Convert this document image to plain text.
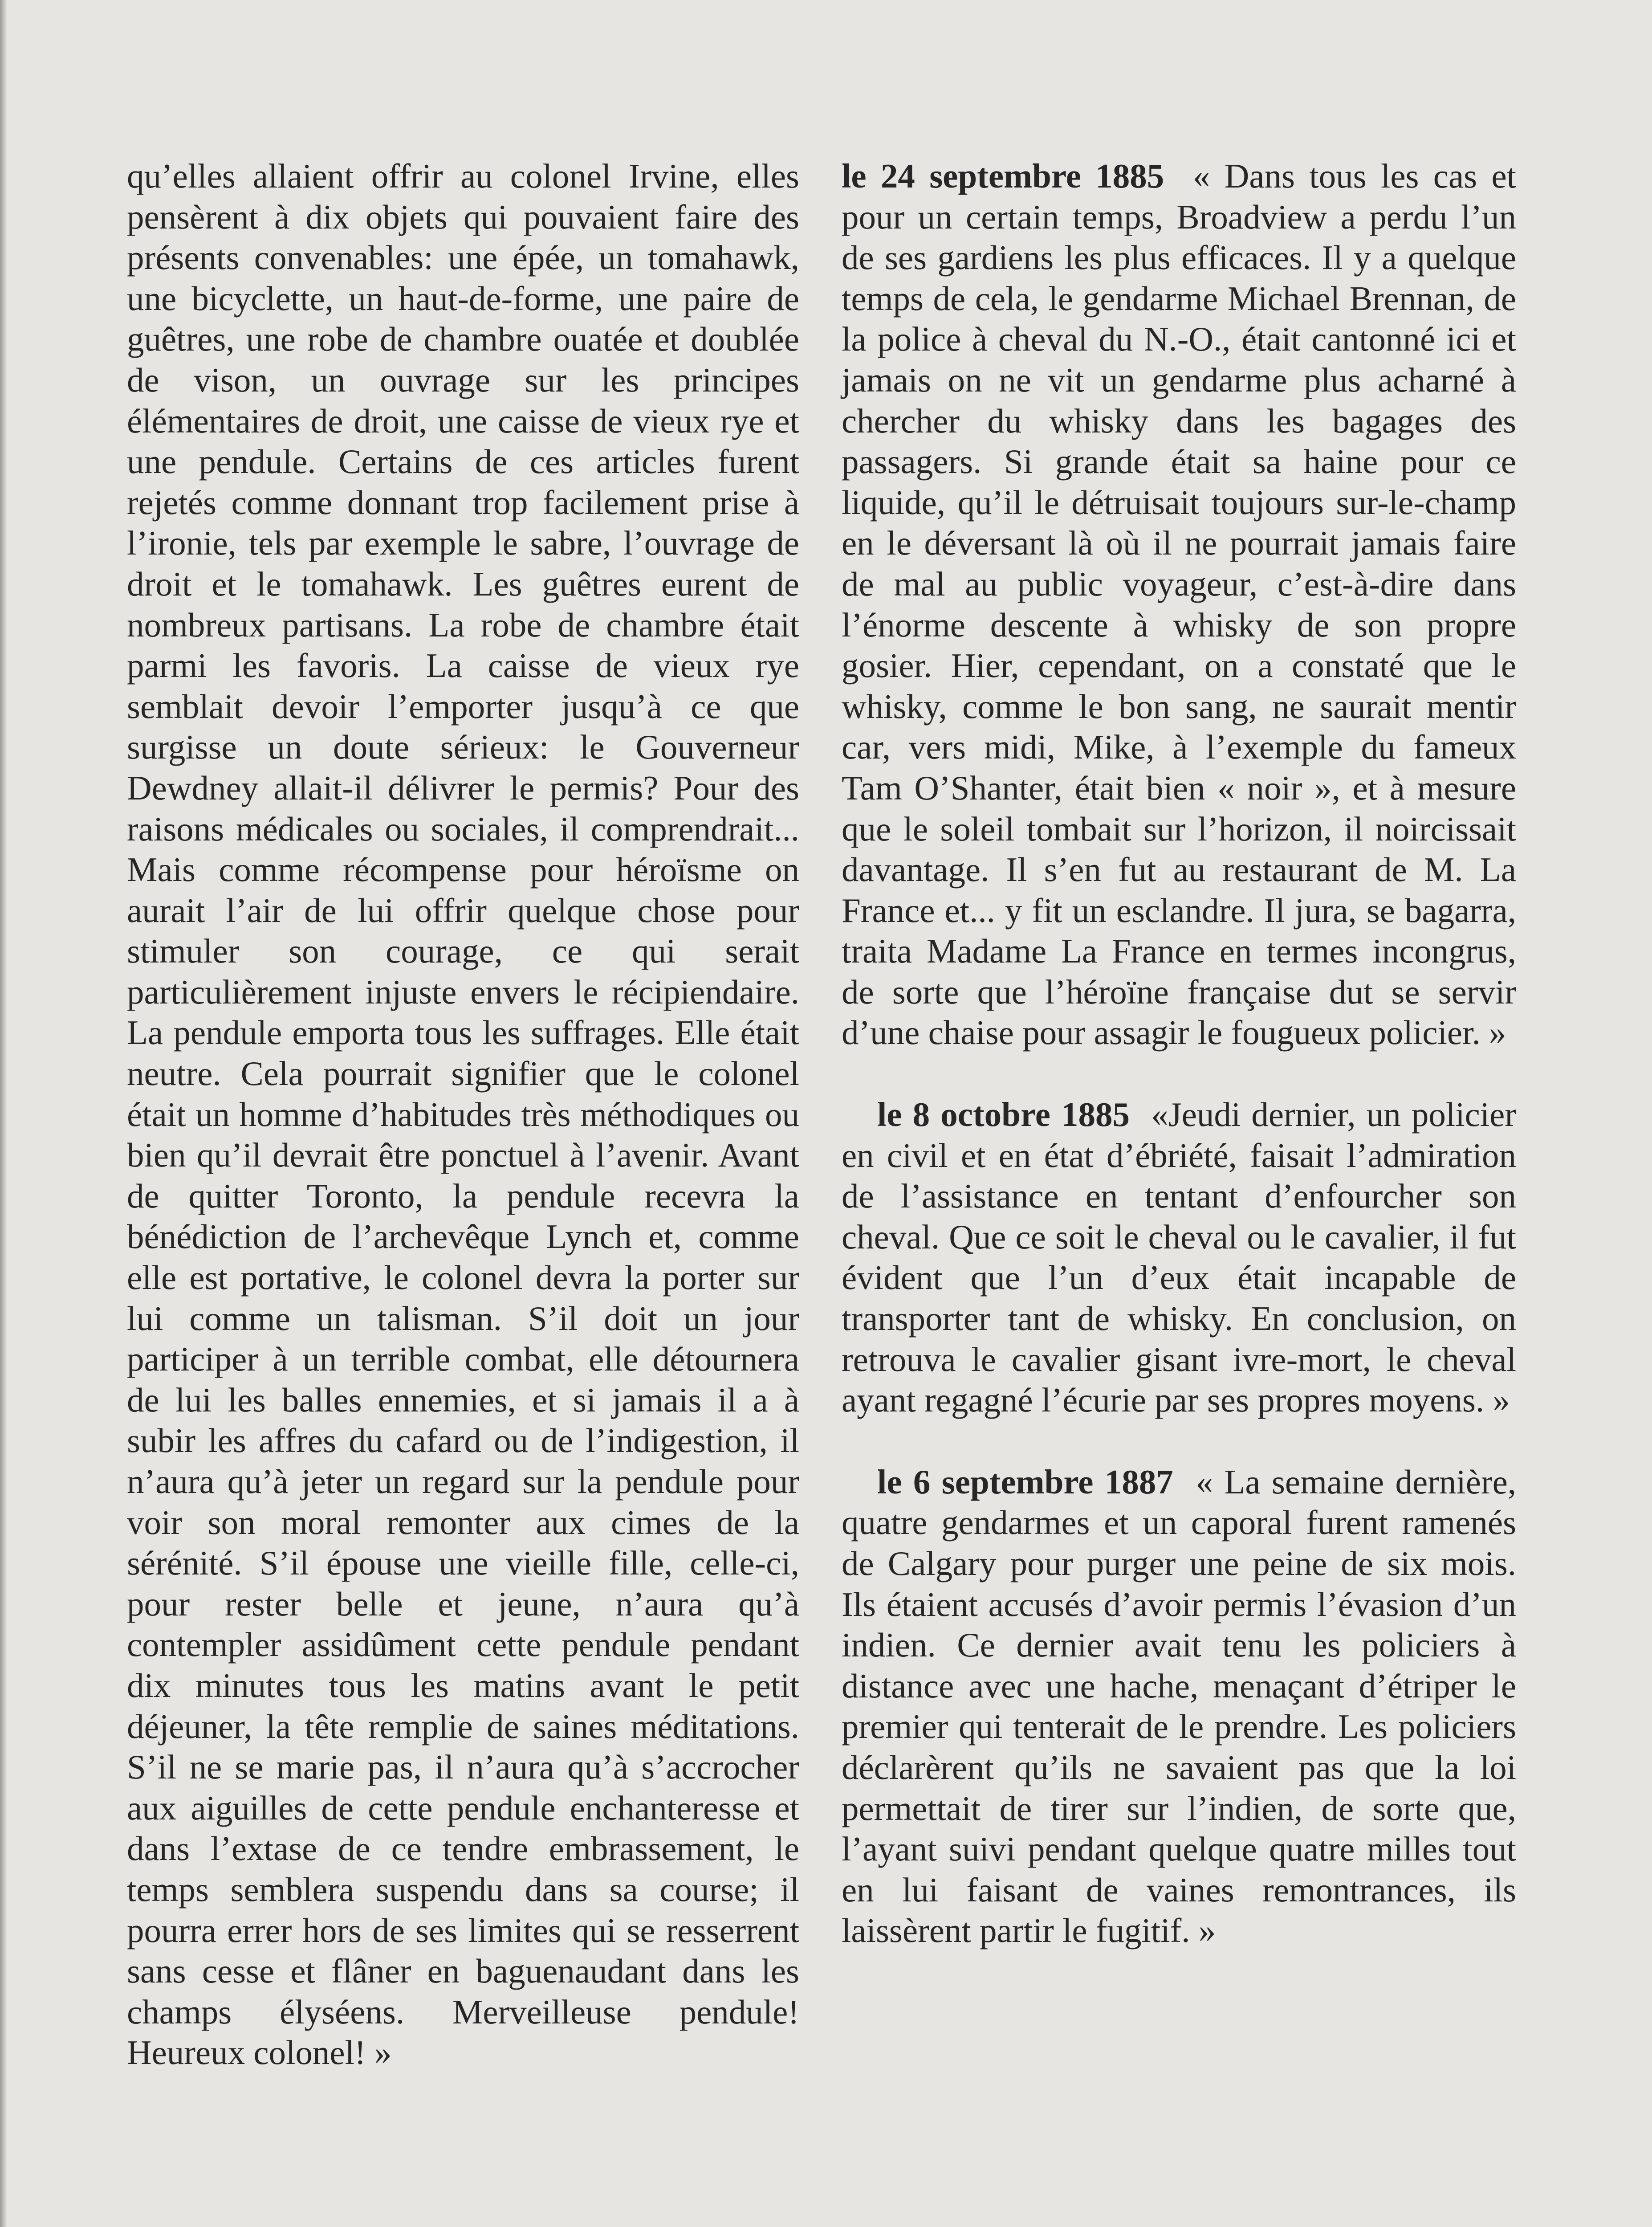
qu’elles allaient offrir au colonel Irvine, elles pensèrent à dix objets qui pouvaient faire des présents convenables: une épée, un tomahawk, une bicyclette, un haut-de-forme, une paire de guêtres, une robe de chambre ouatée et doublée de vison, un ouvrage sur les principes élémentaires de droit, une caisse de vieux rye et une pendule. Certains de ces articles furent rejetés comme donnant trop facilement prise à l’ironie, tels par exemple le sabre, l’ouvrage de droit et le tomahawk. Les guêtres eurent de nombreux partisans. La robe de chambre était parmi les favoris. La caisse de vieux rye semblait devoir l’emporter jusqu’à ce que surgisse un doute sérieux: le Gouverneur Dewdney allait-il délivrer le permis? Pour des raisons médicales ou sociales, il comprendrait... Mais comme récompense pour héroïsme on aurait l’air de lui offrir quelque chose pour stimuler son courage, ce qui serait particulièrement injuste envers le récipiendaire. La pendule emporta tous les suffrages. Elle était neutre. Cela pourrait signifier que le colonel était un homme d’habitudes très méthodiques ou bien qu’il devrait être ponctuel à l’avenir. Avant de quitter Toronto, la pendule recevra la bénédiction de l’archevêque Lynch et, comme elle est portative, le colonel devra la porter sur lui comme un talisman. S’il doit un jour participer à un terrible combat, elle détournera de lui les balles ennemies, et si jamais il a à subir les affres du cafard ou de l’indigestion, il n’aura qu’à jeter un regard sur la pendule pour voir son moral remonter aux cimes de la sérénité. S’il épouse une vieille fille, celle-ci, pour rester belle et jeune, n’aura qu’à contempler assidûment cette pendule pendant dix minutes tous les matins avant le petit déjeuner, la tête remplie de saines méditations. S’il ne se marie pas, il n’aura qu’à s’accrocher aux aiguilles de cette pendule enchanteresse et dans l’extase de ce tendre embrassement, le temps semblera suspendu dans sa course; il pourra errer hors de ses limites qui se resserrent sans cesse et flâner en baguenaudant dans les champs élyséens. Merveilleuse pendule! Heureux colonel! »

le 24 septembre 1885 « Dans tous les cas et pour un certain temps, Broadview a perdu l’un de ses gardiens les plus efficaces. Il y a quelque temps de cela, le gendarme Michael Brennan, de la police à cheval du N.-O., était cantonné ici et jamais on ne vit un gendarme plus acharné à chercher du whisky dans les bagages des passagers. Si grande était sa haine pour ce liquide, qu’il le détruisait toujours sur-le-champ en le déversant là où il ne pourrait jamais faire de mal au public voyageur, c’est-à-dire dans l’énorme descente à whisky de son propre gosier. Hier, cependant, on a constaté que le whisky, comme le bon sang, ne saurait mentir car, vers midi, Mike, à l’exemple du fameux Tam O’Shanter, était bien « noir », et à mesure que le soleil tombait sur l’horizon, il noircissait davantage. Il s’en fut au restaurant de M. La France et... y fit un esclandre. Il jura, se bagarra, traita Madame La France en termes incongrus, de sorte que l’héroïne française dut se servir d’une chaise pour assagir le fougueux policier. »

le 8 octobre 1885 «Jeudi dernier, un policier en civil et en état d’ébriété, faisait l’admiration de l’assistance en tentant d’enfourcher son cheval. Que ce soit le cheval ou le cavalier, il fut évident que l’un d’eux était incapable de transporter tant de whisky. En conclusion, on retrouva le cavalier gisant ivre-mort, le cheval ayant regagné l’écurie par ses propres moyens. »

le 6 septembre 1887 « La semaine dernière, quatre gendarmes et un caporal furent ramenés de Calgary pour purger une peine de six mois. Ils étaient accusés d’avoir permis l’évasion d’un indien. Ce dernier avait tenu les policiers à distance avec une hache, menaçant d’étriper le premier qui tenterait de le prendre. Les policiers déclarèrent qu’ils ne savaient pas que la loi permettait de tirer sur l’indien, de sorte que, l’ayant suivi pendant quelque quatre milles tout en lui faisant de vaines remontrances, ils laissèrent partir le fugitif. »
